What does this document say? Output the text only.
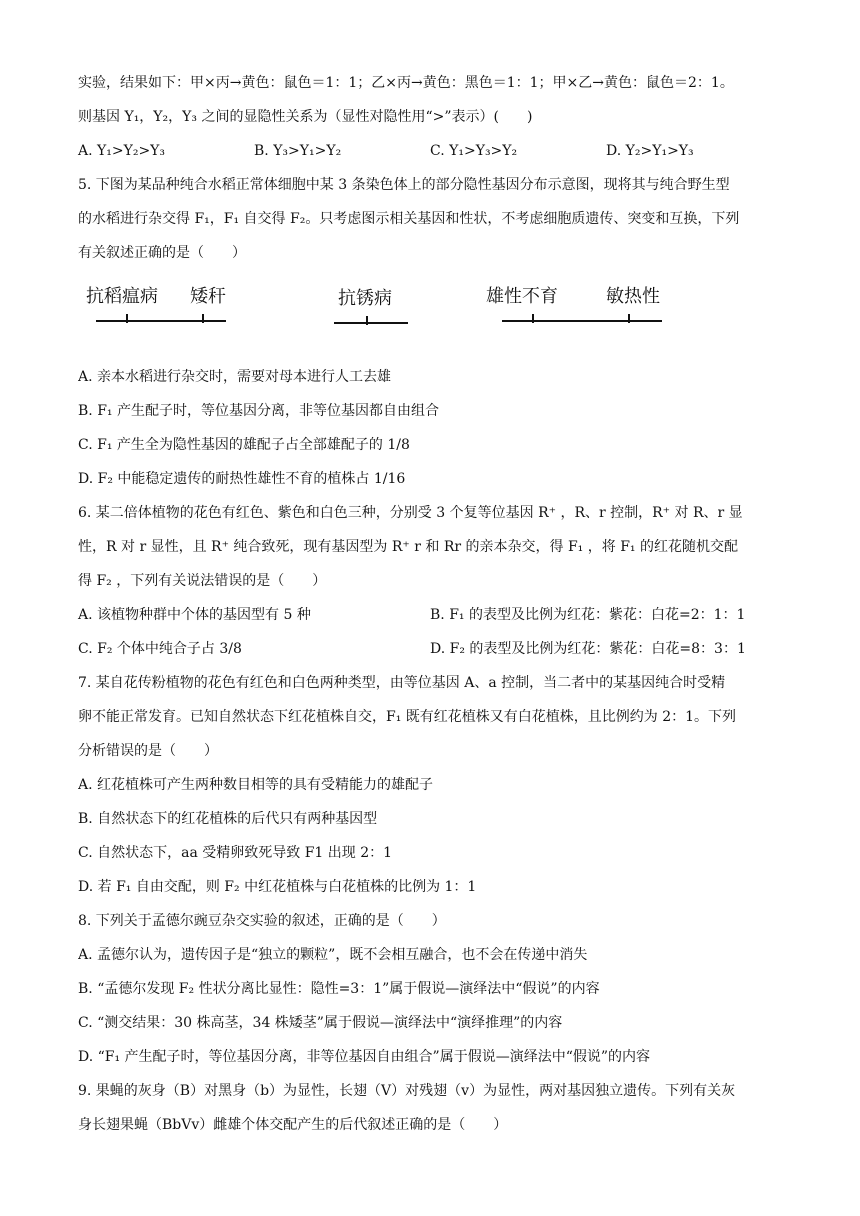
实验，结果如下：甲×丙→黄色：鼠色＝1：1；乙×丙→黄色：黑色＝1：1；甲×乙→黄色：鼠色＝2：1。
则基因 Y₁，Y₂，Y₃ 之间的显隐性关系为（显性对隐性用“>”表示）(　　)
A. Y₁>Y₂>Y₃	B. Y₃>Y₁>Y₂	C. Y₁>Y₃>Y₂	D. Y₂>Y₁>Y₃
5. 下图为某品种纯合水稻正常体细胞中某 3 条染色体上的部分隐性基因分布示意图，现将其与纯合野生型
的水稻进行杂交得 F₁，F₁ 自交得 F₂。只考虑图示相关基因和性状，不考虑细胞质遗传、突变和互换，下列
有关叙述正确的是（　　）
抗稻瘟病 矮秆	抗锈病	雄性不育	敏热性
A. 亲本水稻进行杂交时，需要对母本进行人工去雄
B. F₁ 产生配子时，等位基因分离，非等位基因都自由组合
C. F₁ 产生全为隐性基因的雄配子占全部雄配子的 1/8
D. F₂ 中能稳定遗传的耐热性雄性不育的植株占 1/16
6. 某二倍体植物的花色有红色、紫色和白色三种，分别受 3 个复等位基因 R⁺ ，R、r 控制，R⁺ 对 R、r 显
性，R 对 r 显性，且 R⁺ 纯合致死，现有基因型为 R⁺ r 和 Rr 的亲本杂交，得 F₁ ，将 F₁ 的红花随机交配
得 F₂ ，下列有关说法错误的是（　　）
A. 该植物种群中个体的基因型有 5 种	B. F₁ 的表型及比例为红花：紫花：白花=2：1：1
C. F₂ 个体中纯合子占 3/8	D. F₂ 的表型及比例为红花：紫花：白花=8：3：1
7. 某自花传粉植物的花色有红色和白色两种类型，由等位基因 A、a 控制，当二者中的某基因纯合时受精
卵不能正常发育。已知自然状态下红花植株自交，F₁ 既有红花植株又有白花植株，且比例约为 2：1。下列
分析错误的是（　　）
A. 红花植株可产生两种数目相等的具有受精能力的雄配子
B. 自然状态下的红花植株的后代只有两种基因型
C. 自然状态下，aa 受精卵致死导致 F1 出现 2：1
D. 若 F₁ 自由交配，则 F₂ 中红花植株与白花植株的比例为 1：1
8. 下列关于孟德尔豌豆杂交实验的叙述，正确的是（　　）
A. 孟德尔认为，遗传因子是“独立的颗粒”，既不会相互融合，也不会在传递中消失
B. “孟德尔发现 F₂ 性状分离比显性：隐性=3：1”属于假说—演绎法中“假说”的内容
C. “测交结果：30 株高茎，34 株矮茎”属于假说—演绎法中“演绎推理”的内容
D. “F₁ 产生配子时，等位基因分离，非等位基因自由组合”属于假说—演绎法中“假说”的内容
9. 果蝇的灰身（B）对黑身（b）为显性，长翅（V）对残翅（v）为显性，两对基因独立遗传。下列有关灰
身长翅果蝇（BbVv）雌雄个体交配产生的后代叙述正确的是（　　）
